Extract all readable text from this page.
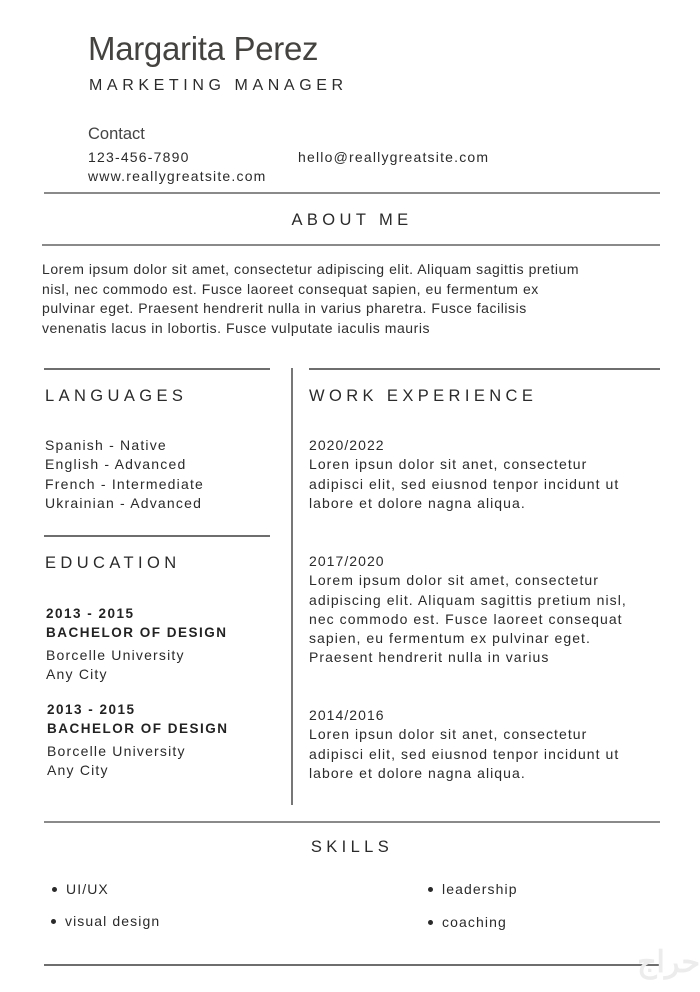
Margarita Perez
MARKETING MANAGER
Contact
123-456-7890	hello@reallygreatsite.com
www.reallygreatsite.com
ABOUT ME
Lorem ipsum dolor sit amet, consectetur adipiscing elit. Aliquam sagittis pretium
nisl, nec commodo est. Fusce laoreet consequat sapien, eu fermentum ex
pulvinar eget. Praesent hendrerit nulla in varius pharetra. Fusce facilisis
venenatis lacus in lobortis. Fusce vulputate iaculis mauris
LANGUAGES
Spanish - Native
English - Advanced
French - Intermediate
Ukrainian - Advanced
EDUCATION
2013 - 2015
BACHELOR OF DESIGN
Borcelle University
Any City
2013 - 2015
BACHELOR OF DESIGN
Borcelle University
Any City
WORK EXPERIENCE
2020/2022
Loren ipsun dolor sit anet, consectetur
adipisci elit, sed eiusnod tenpor incidunt ut
labore et dolore nagna aliqua.
2017/2020
Lorem ipsum dolor sit amet, consectetur
adipiscing elit. Aliquam sagittis pretium nisl,
nec commodo est. Fusce laoreet consequat
sapien, eu fermentum ex pulvinar eget.
Praesent hendrerit nulla in varius
2014/2016
Loren ipsun dolor sit anet, consectetur
adipisci elit, sed eiusnod tenpor incidunt ut
labore et dolore nagna aliqua.
SKILLS
UI/UX
visual design
leadership
coaching
حراج
